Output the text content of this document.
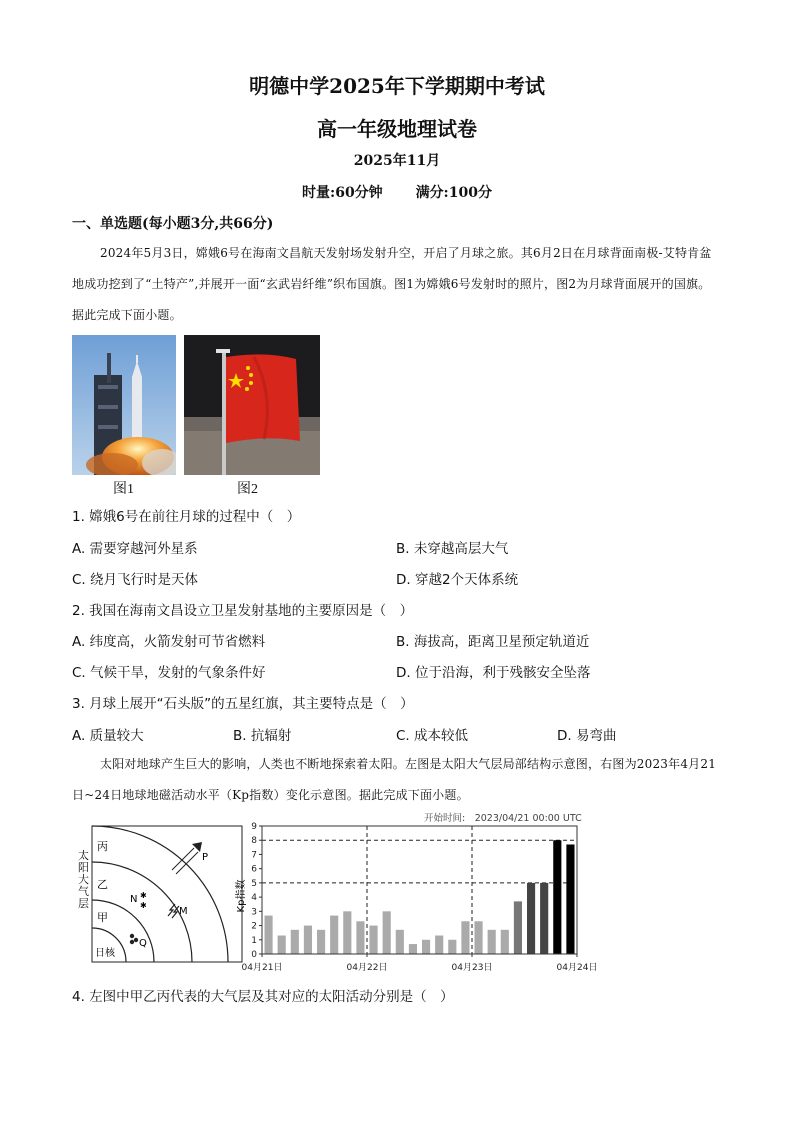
明德中学2025年下学期期中考试
高一年级地理试卷
2025年11月
时量:60分钟 满分:100分
一、单选题(每小题3分,共66分)
2024年5月3日，嫦娥6号在海南文昌航天发射场发射升空，开启了月球之旅。其6月2日在月球背面南极-艾特肯盆地成功挖到了“土特产”,并展开一面“玄武岩纤维”织布国旗。图1为嫦娥6号发射时的照片，图2为月球背面展开的国旗。据此完成下面小题。
图1	图2
1. 嫦娥6号在前往月球的过程中（　）
A. 需要穿越河外星系	B. 未穿越高层大气
C. 绕月飞行时是天体	D. 穿越2个天体系统
2. 我国在海南文昌设立卫星发射基地的主要原因是（　）
A. 纬度高，火箭发射可节省燃料	B. 海拔高，距离卫星预定轨道近
C. 气候干旱，发射的气象条件好	D. 位于沿海，利于残骸安全坠落
3. 月球上展开“石头版”的五星红旗，其主要特点是（　）
A. 质量较大	B. 抗辐射	C. 成本较低	D. 易弯曲
太阳对地球产生巨大的影响，人类也不断地探索着太阳。左图是太阳大气层局部结构示意图，右图为2023年4月21日~24日地球地磁活动水平（Kp指数）变化示意图。据此完成下面小题。
丙
乙
甲
日核
P
N ✱
✱
M
Q
太阳大气层
开始时间:　2023/04/21 00:00 UTC
0
1
2
3
4
5
6
7
8
9
04月21日	04月22日	04月23日	04月24日
Kp指数
4. 左图中甲乙丙代表的大气层及其对应的太阳活动分别是（　）
